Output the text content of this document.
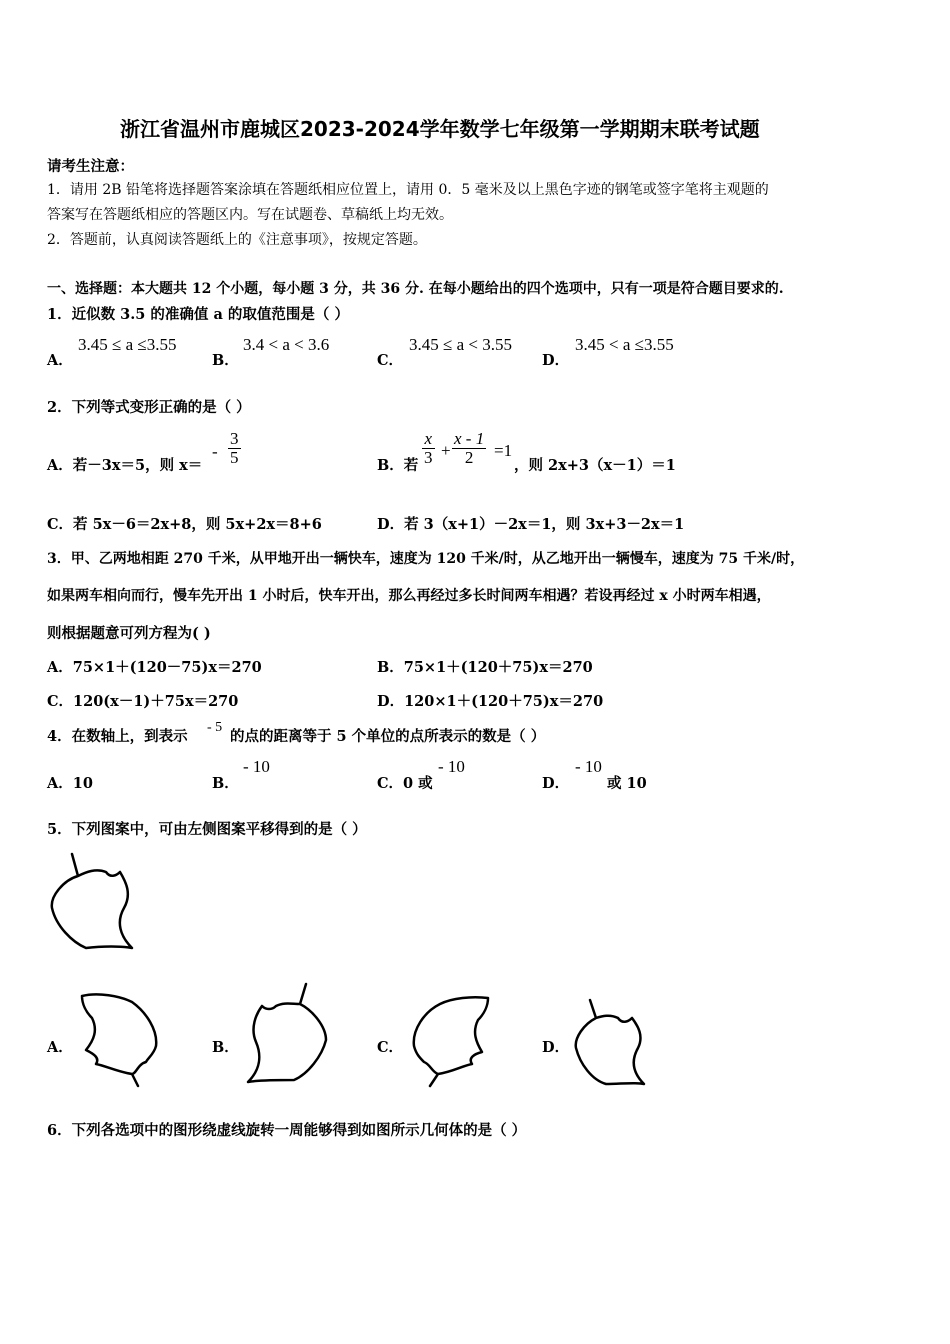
浙江省温州市鹿城区2023-2024学年数学七年级第一学期期末联考试题
请考生注意：
1．请用 2B 铅笔将选择题答案涂填在答题纸相应位置上，请用 0．5 毫米及以上黑色字迹的钢笔或签字笔将主观题的
答案写在答题纸相应的答题区内。写在试题卷、草稿纸上均无效。
2．答题前，认真阅读答题纸上的《注意事项》，按规定答题。
一、选择题：本大题共 12 个小题，每小题 3 分，共 36 分. 在每小题给出的四个选项中，只有一项是符合题目要求的.
1．近似数 3.5 的准确值 a 的取值范围是（ ）
A．
3.45 ≤ a ≤3.55
B．
3.4 < a < 3.6
C．
3.45 ≤ a < 3.55
D．
3.45 < a ≤3.55
2．下列等式变形正确的是（ ）
A．若－3x＝5，则 x＝
-
3
5	B．若
x
3 +
x - 1
2 =1
，则 2x+3（x－1）＝1
C．若 5x－6＝2x+8，则 5x+2x＝8+6	D．若 3（x+1）－2x＝1，则 3x+3－2x＝1
3．甲、乙两地相距 270 千米，从甲地开出一辆快车，速度为 120 千米/时，从乙地开出一辆慢车，速度为 75 千米/时，
如果两车相向而行，慢车先开出 1 小时后，快车开出，那么再经过多长时间两车相遇？若设再经过 x 小时两车相遇，
则根据题意可列方程为( )
A．75×1＋(120－75)x＝270	B．75×1＋(120＋75)x＝270
C．120(x－1)＋75x＝270	D．120×1＋(120＋75)x＝270
4．在数轴上，到表示
- 5
的点的距离等于 5 个单位的点所表示的数是（ ）
A．10	B．
- 10
C．0 或
- 10
D．
- 10
或 10
5．下列图案中，可由左侧图案平移得到的是（ ）
A．	B．	C．	D．
6．下列各选项中的图形绕虚线旋转一周能够得到如图所示几何体的是（ ）
